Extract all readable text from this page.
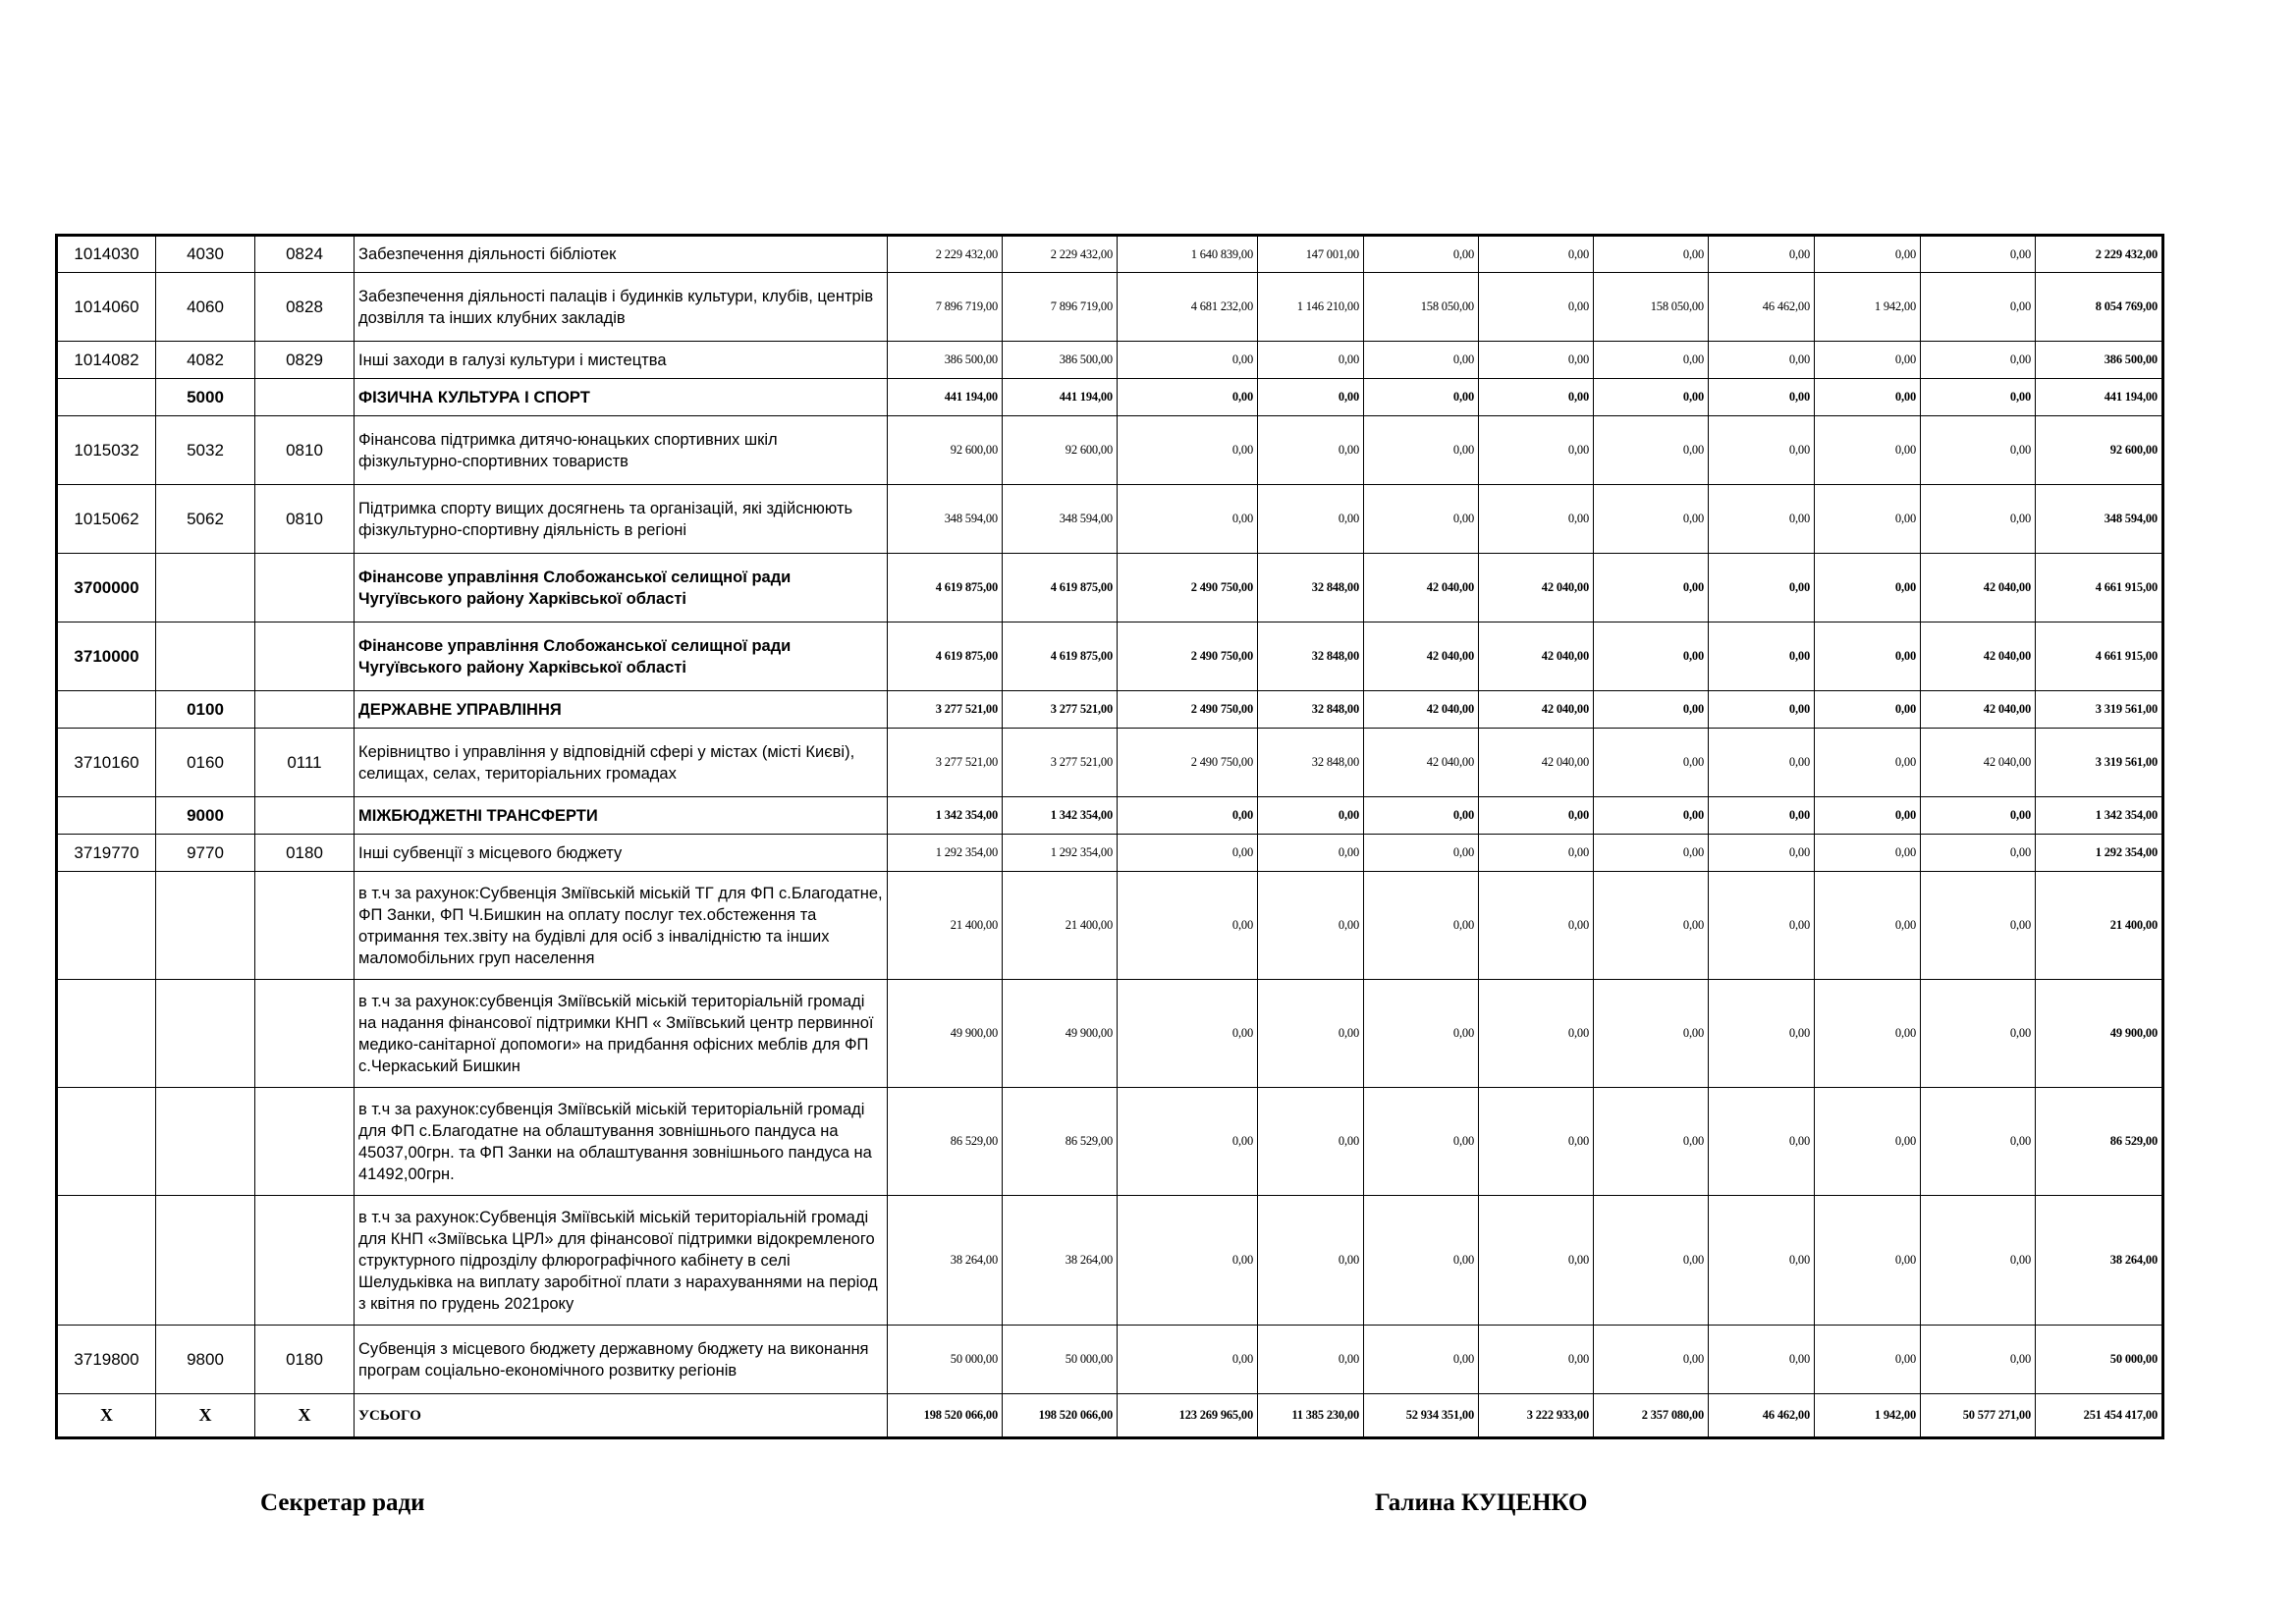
1014030	4030	0824	Забезпечення діяльності бібліотек	2 229 432,00	2 229 432,00	1 640 839,00	147 001,00	0,00	0,00	0,00	0,00	0,00	0,00	2 229 432,00
1014060	4060	0828	Забезпечення діяльності палаців і будинків культури, клубів, центрів дозвілля та інших клубних закладів	7 896 719,00	7 896 719,00	4 681 232,00	1 146 210,00	158 050,00	0,00	158 050,00	46 462,00	1 942,00	0,00	8 054 769,00
1014082	4082	0829	Інші заходи в галузі культури і мистецтва	386 500,00	386 500,00	0,00	0,00	0,00	0,00	0,00	0,00	0,00	0,00	386 500,00
	5000		ФІЗИЧНА КУЛЬТУРА І СПОРТ	441 194,00	441 194,00	0,00	0,00	0,00	0,00	0,00	0,00	0,00	0,00	441 194,00
1015032	5032	0810	Фінансова підтримка дитячо-юнацьких спортивних шкіл фізкультурно-спортивних товариств	92 600,00	92 600,00	0,00	0,00	0,00	0,00	0,00	0,00	0,00	0,00	92 600,00
1015062	5062	0810	Підтримка спорту вищих досягнень та організацій, які здійснюють фізкультурно-спортивну діяльність в регіоні	348 594,00	348 594,00	0,00	0,00	0,00	0,00	0,00	0,00	0,00	0,00	348 594,00
3700000			Фінансове управління Слобожанської селищної ради Чугуївського району Харківської області	4 619 875,00	4 619 875,00	2 490 750,00	32 848,00	42 040,00	42 040,00	0,00	0,00	0,00	42 040,00	4 661 915,00
3710000			Фінансове управління Слобожанської селищної ради Чугуївського району Харківської області	4 619 875,00	4 619 875,00	2 490 750,00	32 848,00	42 040,00	42 040,00	0,00	0,00	0,00	42 040,00	4 661 915,00
	0100		ДЕРЖАВНЕ УПРАВЛІННЯ	3 277 521,00	3 277 521,00	2 490 750,00	32 848,00	42 040,00	42 040,00	0,00	0,00	0,00	42 040,00	3 319 561,00
3710160	0160	0111	Керівництво і управління у відповідній сфері у містах (місті Києві), селищах, селах, територіальних громадах	3 277 521,00	3 277 521,00	2 490 750,00	32 848,00	42 040,00	42 040,00	0,00	0,00	0,00	42 040,00	3 319 561,00
	9000		МІЖБЮДЖЕТНІ ТРАНСФЕРТИ	1 342 354,00	1 342 354,00	0,00	0,00	0,00	0,00	0,00	0,00	0,00	0,00	1 342 354,00
3719770	9770	0180	Інші субвенції з місцевого бюджету	1 292 354,00	1 292 354,00	0,00	0,00	0,00	0,00	0,00	0,00	0,00	0,00	1 292 354,00
			в т.ч за рахунок:Субвенція Зміївській міській ТГ для ФП с.Благодатне, ФП Занки, ФП Ч.Бишкин на оплату послуг тех.обстеження та отримання тех.звіту на будівлі для осіб з інвалідністю та інших маломобільних груп населення	21 400,00	21 400,00	0,00	0,00	0,00	0,00	0,00	0,00	0,00	0,00	21 400,00
			в т.ч за рахунок:субвенція Зміївській міській територіальній громаді на надання фінансової підтримки КНП « Зміївський центр первинної медико-санітарної допомоги» на придбання офісних меблів для ФП с.Черкаський Бишкин	49 900,00	49 900,00	0,00	0,00	0,00	0,00	0,00	0,00	0,00	0,00	49 900,00
			в т.ч за рахунок:субвенція Зміївській міській територіальній громаді для ФП с.Благодатне на облаштування зовнішнього пандуса на 45037,00грн. та ФП Занки на облаштування зовнішнього пандуса на 41492,00грн.	86 529,00	86 529,00	0,00	0,00	0,00	0,00	0,00	0,00	0,00	0,00	86 529,00
			в т.ч за рахунок:Субвенція Зміївській міській територіальній громаді для КНП «Зміївська ЦРЛ» для фінансової підтримки відокремленого структурного підрозділу флюрографічного кабінету в селі Шелудьківка на виплату заробітної плати з нарахуваннями на період з квітня по грудень 2021року	38 264,00	38 264,00	0,00	0,00	0,00	0,00	0,00	0,00	0,00	0,00	38 264,00
3719800	9800	0180	Субвенція з місцевого бюджету державному бюджету на виконання програм соціально-економічного розвитку регіонів	50 000,00	50 000,00	0,00	0,00	0,00	0,00	0,00	0,00	0,00	0,00	50 000,00
X	X	X	УСЬОГО	198 520 066,00	198 520 066,00	123 269 965,00	11 385 230,00	52 934 351,00	3 222 933,00	2 357 080,00	46 462,00	1 942,00	50 577 271,00	251 454 417,00
Секретар ради	Галина КУЦЕНКО
